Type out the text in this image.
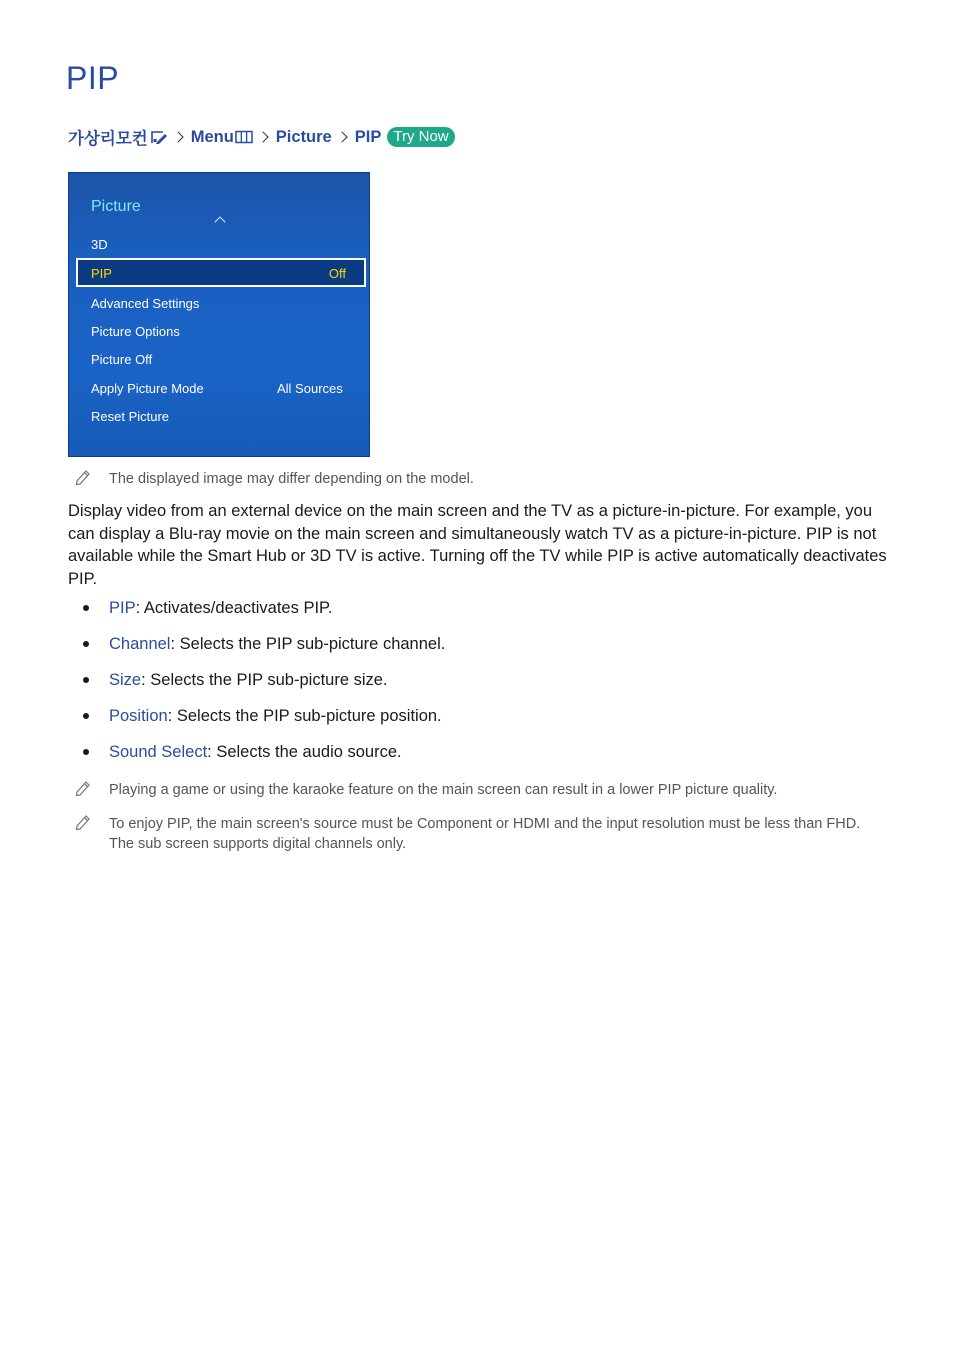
PIP
가상리모컨	Menu	Picture PIP Try Now
Picture
3D
PIP	Off
Advanced Settings
Picture Options
Picture Off
Apply Picture Mode	All Sources
Reset Picture
The displayed image may differ depending on the model.

Display video from an external device on the main screen and the TV as a picture-in-picture. For example, you can display a Blu-ray movie on the main screen and simultaneously watch TV as a picture-in-picture. PIP is not available while the Smart Hub or 3D TV is active. Turning off the TV while PIP is active automatically deactivates PIP.

PIP: Activates/deactivates PIP.
Channel: Selects the PIP sub-picture channel.
Size: Selects the PIP sub-picture size.
Position: Selects the PIP sub-picture position.
Sound Select: Selects the audio source.
Playing a game or using the karaoke feature on the main screen can result in a lower PIP picture quality.
To enjoy PIP, the main screen's source must be Component or HDMI and the input resolution must be less than FHD. The sub screen supports digital channels only.
